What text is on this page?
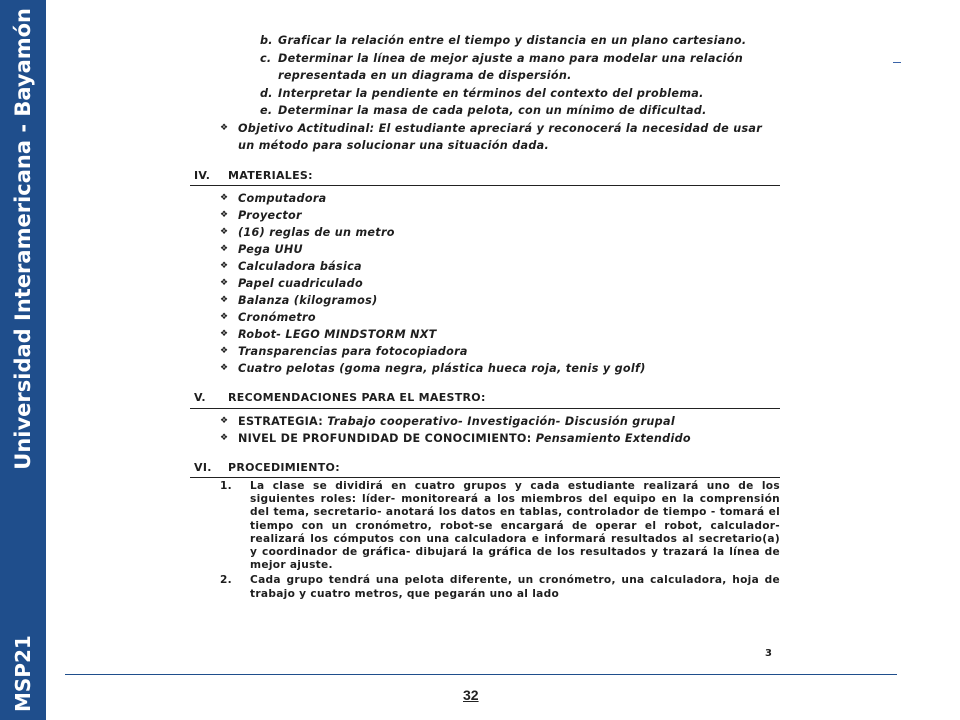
MSP21
Universidad Interamericana - Bayamón	b. Graficar la relación entre el tiempo y distancia en un plano cartesiano.
c. Determinar la línea de mejor ajuste a mano para modelar una relación representada en un diagrama de dispersión.
d. Interpretar la pendiente en términos del contexto del problema.
e. Determinar la masa de cada pelota, con un mínimo de dificultad.
❖ Objetivo Actitudinal: El estudiante apreciará y reconocerá la necesidad de usar un método para solucionar una situación dada.
IV. MATERIALES:
❖ Computadora
❖ Proyector
❖ (16) reglas de un metro
❖ Pega UHU
❖ Calculadora básica
❖ Papel cuadriculado
❖ Balanza (kilogramos)
❖ Cronómetro
❖ Robot- LEGO MINDSTORM NXT
❖ Transparencias para fotocopiadora
❖ Cuatro pelotas (goma negra, plástica hueca roja, tenis y golf)
V. RECOMENDACIONES PARA EL MAESTRO:
❖ ESTRATEGIA: Trabajo cooperativo- Investigación- Discusión grupal
❖ NIVEL DE PROFUNDIDAD DE CONOCIMIENTO: Pensamiento Extendido
VI. PROCEDIMIENTO:
1. La clase se dividirá en cuatro grupos y cada estudiante realizará uno de los siguientes roles: líder- monitoreará a los miembros del equipo en la comprensión del tema, secretario- anotará los datos en tablas, controlador de tiempo - tomará el tiempo con un cronómetro, robot-se encargará de operar el robot, calculador- realizará los cómputos con una calculadora e informará resultados al secretario(a) y coordinador de gráfica- dibujará la gráfica de los resultados y trazará la línea de mejor ajuste.
2. Cada grupo tendrá una pelota diferente, un cronómetro, una calculadora, hoja de trabajo y cuatro metros, que pegarán uno al lado
3
32
